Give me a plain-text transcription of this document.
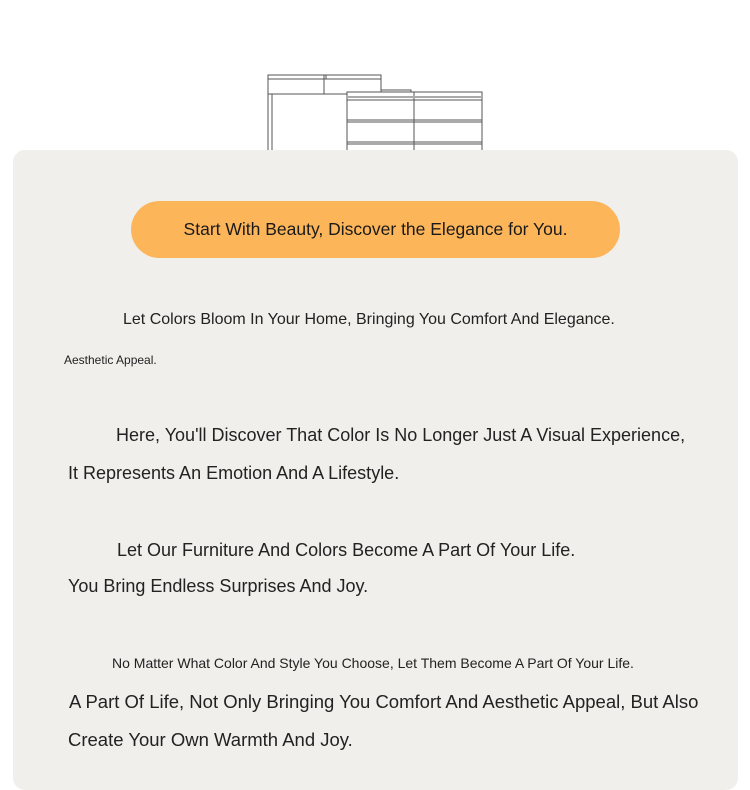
Start With Beauty, Discover the Elegance for You.
Let Colors Bloom In Your Home, Bringing You Comfort And Elegance.
Aesthetic Appeal.
Here, You'll Discover That Color Is No Longer Just A Visual Experience,
It Represents An Emotion And A Lifestyle.
Let Our Furniture And Colors Become A Part Of Your Life.
You Bring Endless Surprises And Joy.
No Matter What Color And Style You Choose, Let Them Become A Part Of Your Life.
A Part Of Life, Not Only Bringing You Comfort And Aesthetic Appeal, But Also
Create Your Own Warmth And Joy.
